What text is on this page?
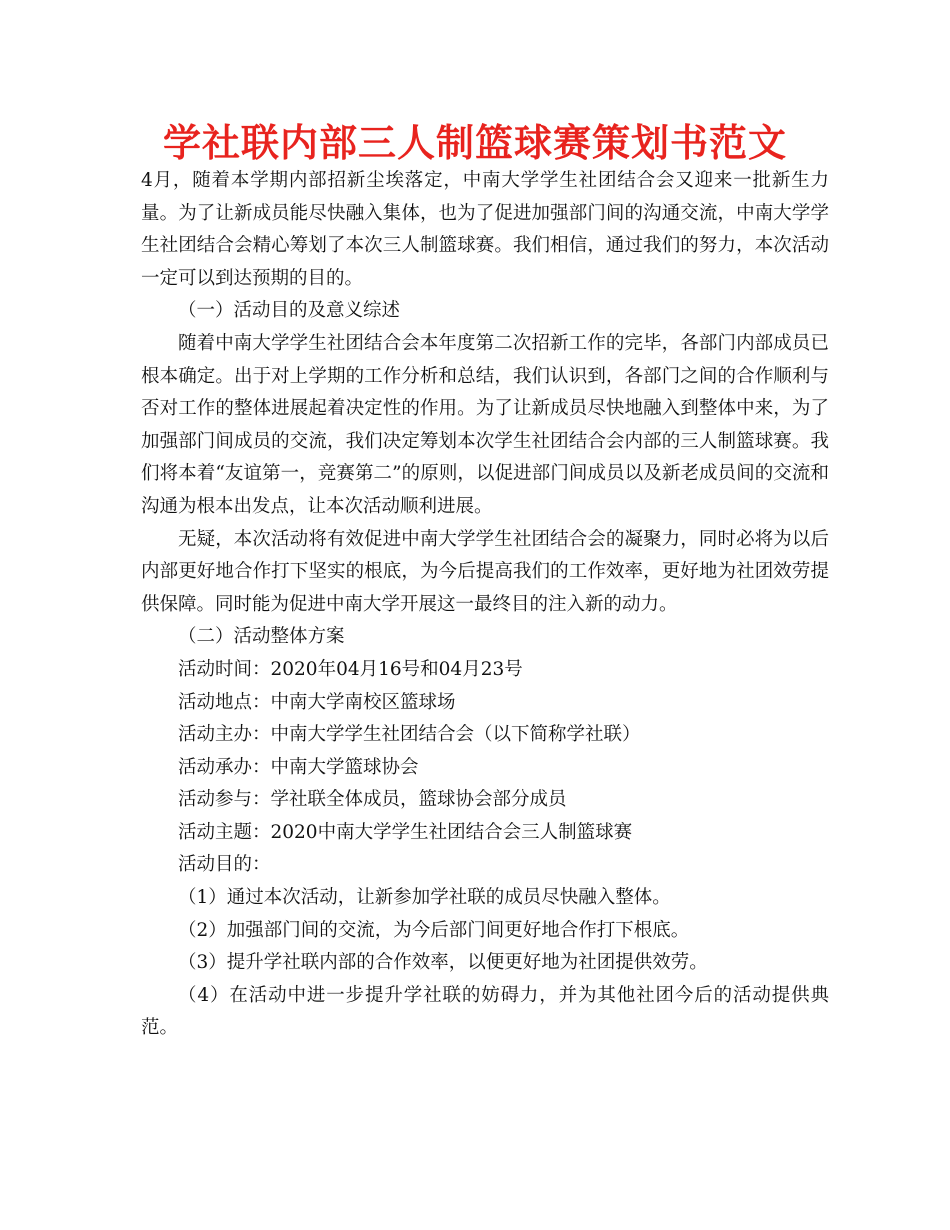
学社联内部三人制篮球赛策划书范文

4月，随着本学期内部招新尘埃落定，中南大学学生社团结合会又迎来一批新生力量。为了让新成员能尽快融入集体，也为了促进加强部门间的沟通交流，中南大学学生社团结合会精心筹划了本次三人制篮球赛。我们相信，通过我们的努力，本次活动一定可以到达预期的目的。

（一）活动目的及意义综述

随着中南大学学生社团结合会本年度第二次招新工作的完毕，各部门内部成员已根本确定。出于对上学期的工作分析和总结，我们认识到，各部门之间的合作顺利与否对工作的整体进展起着决定性的作用。为了让新成员尽快地融入到整体中来，为了加强部门间成员的交流，我们决定筹划本次学生社团结合会内部的三人制篮球赛。我们将本着“友谊第一，竞赛第二”的原则，以促进部门间成员以及新老成员间的交流和沟通为根本出发点，让本次活动顺利进展。

无疑，本次活动将有效促进中南大学学生社团结合会的凝聚力，同时必将为以后内部更好地合作打下坚实的根底，为今后提高我们的工作效率，更好地为社团效劳提供保障。同时能为促进中南大学开展这一最终目的注入新的动力。

（二）活动整体方案

活动时间：2020年04月16号和04月23号

活动地点：中南大学南校区篮球场

活动主办：中南大学学生社团结合会（以下简称学社联）

活动承办：中南大学篮球协会

活动参与：学社联全体成员，篮球协会部分成员

活动主题：2020中南大学学生社团结合会三人制篮球赛

活动目的：

（1）通过本次活动，让新参加学社联的成员尽快融入整体。

（2）加强部门间的交流，为今后部门间更好地合作打下根底。

（3）提升学社联内部的合作效率，以便更好地为社团提供效劳。

（4）在活动中进一步提升学社联的妨碍力，并为其他社团今后的活动提供典范。
